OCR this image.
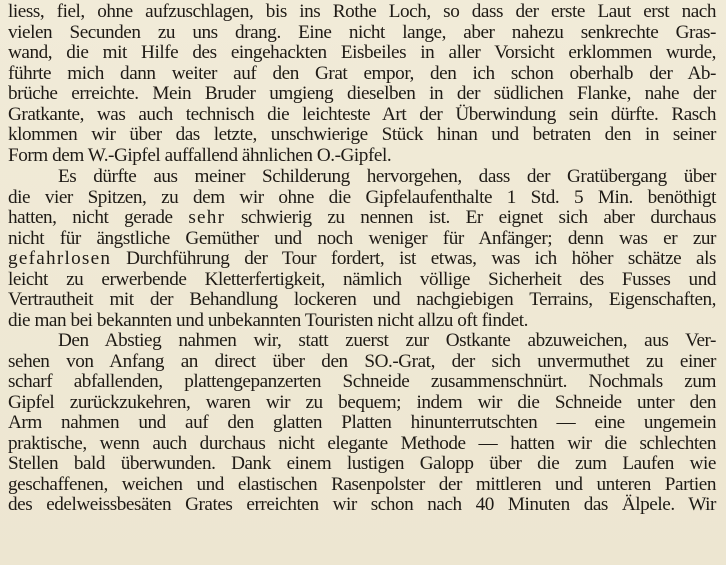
liess, fiel, ohne aufzuschlagen, bis ins Rothe Loch, so dass der erste Laut erst nach
vielen Secunden zu uns drang. Eine nicht lange, aber nahezu senkrechte Gras-
wand, die mit Hilfe des eingehackten Eisbeiles in aller Vorsicht erklommen wurde,
führte mich dann weiter auf den Grat empor, den ich schon oberhalb der Ab-
brüche erreichte. Mein Bruder umgieng dieselben in der südlichen Flanke, nahe der
Gratkante, was auch technisch die leichteste Art der Überwindung sein dürfte. Rasch
klommen wir über das letzte, unschwierige Stück hinan und betraten den in seiner
Form dem W.-Gipfel auffallend ähnlichen O.-Gipfel.

Es dürfte aus meiner Schilderung hervorgehen, dass der Gratübergang über
die vier Spitzen, zu dem wir ohne die Gipfelaufenthalte 1 Std. 5 Min. benöthigt
hatten, nicht gerade sehr schwierig zu nennen ist. Er eignet sich aber durchaus
nicht für ängstliche Gemüther und noch weniger für Anfänger; denn was er zur
gefahrlosen Durchführung der Tour fordert, ist etwas, was ich höher schätze als
leicht zu erwerbende Kletterfertigkeit, nämlich völlige Sicherheit des Fusses und
Vertrautheit mit der Behandlung lockeren und nachgiebigen Terrains, Eigenschaften,
die man bei bekannten und unbekannten Touristen nicht allzu oft findet.

Den Abstieg nahmen wir, statt zuerst zur Ostkante abzuweichen, aus Ver-
sehen von Anfang an direct über den SO.-Grat, der sich unvermuthet zu einer
scharf abfallenden, plattengepanzerten Schneide zusammenschnürt. Nochmals zum
Gipfel zurückzukehren, waren wir zu bequem; indem wir die Schneide unter den
Arm nahmen und auf den glatten Platten hinunterrutschten — eine ungemein
praktische, wenn auch durchaus nicht elegante Methode — hatten wir die schlechten
Stellen bald überwunden. Dank einem lustigen Galopp über die zum Laufen wie
geschaffenen, weichen und elastischen Rasenpolster der mittleren und unteren Partien
des edelweissbesäten Grates erreichten wir schon nach 40 Minuten das Älpele. Wir
